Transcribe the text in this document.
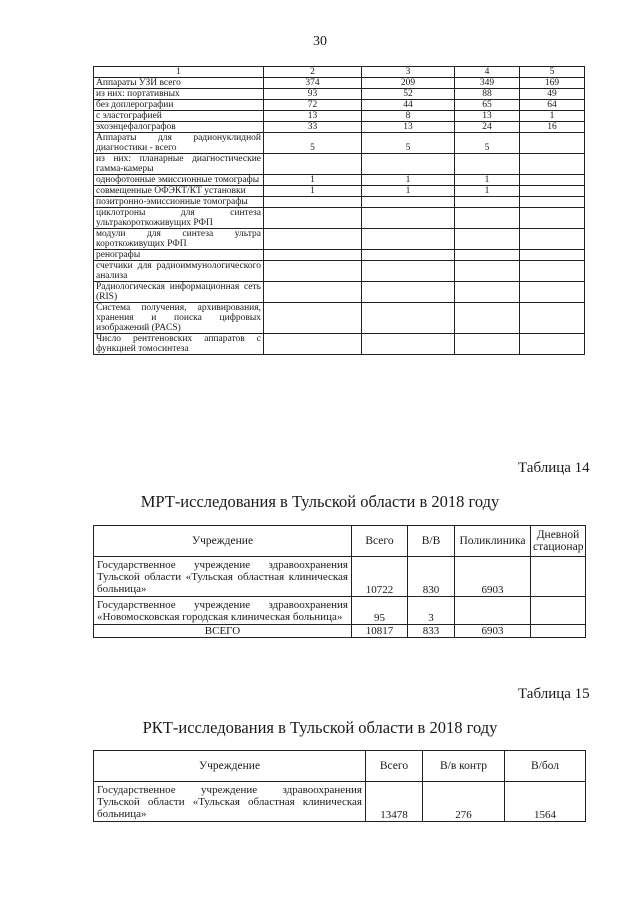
30
1	2	3	4	5
Аппараты УЗИ всего	374	209	349	169
из них: портативных	93	52	88	49
без доплерографии	72	44	65	64
с эластографией	13	8	13	1
эхоэнцефалографов	33	13	24	16
Аппараты для радионуклидной диагностики - всего	5	5	5	
из них: планарные диагностические гамма-камеры				
однофотонные эмиссионные томографы	1	1	1	
совмещенные ОФЭКТ/КТ установки	1	1	1	
позитронно-эмиссионные томографы				
циклотроны для синтеза ультракороткоживущих РФП				
модули для синтеза ультра короткоживущих РФП				
ренографы				
счетчики для радиоиммунологического анализа				
Радиологическая информационная сеть (RIS)				
Система получения, архивирования, хранения и поиска цифровых изображений (PACS)				
Число рентгеновских аппаратов с функцией томосинтеза				
Таблица 14
МРТ-исследования в Тульской области в 2018 году
Учреждение	Всего	В/В	Поликлиника	Дневной стационар
Государственное учреждение здравоохранения Тульской области «Тульская областная клиническая больница»	10722	830	6903	
Государственное учреждение здравоохранения «Новомосковская городская клиническая больница»	95	3		
ВСЕГО	10817	833	6903	
Таблица 15
РКТ-исследования в Тульской области в 2018 году
Учреждение	Всего	В/в контр	В/бол
Государственное учреждение здравоохранения Тульской области «Тульская областная клиническая больница»	13478	276	1564
